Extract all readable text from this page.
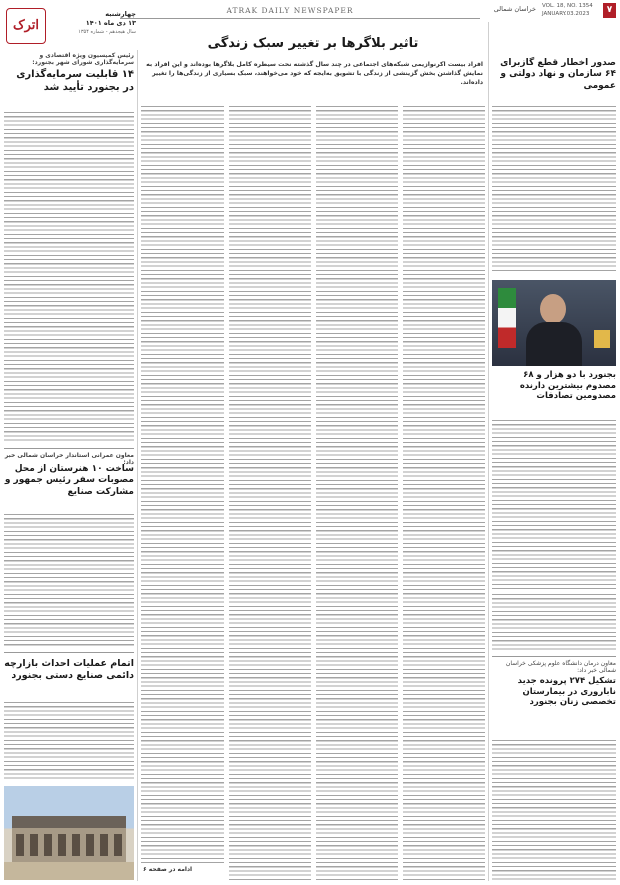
۷
VOL. 18, NO. 1354
JANUARY.03.2023
خراسان شمالی
ATRAK DAILY NEWSPAPER
اترک
چهارشنبه
۱۳ دی ماه ۱۴۰۱
سال هیجدهم - شماره ۱۳۵۴
صدور اخطار قطع گازبرای ۶۴ سازمان و نهاد دولتی و عمومی
بجنورد با دو هزار و ۶۸ مصدوم بیشترین دارنده مصدومین تصادفات
معاون درمان دانشگاه علوم پزشکی خراسان شمالی خبر داد:
تشکیل ۲۷۴ پرونده جدید ناباروری در بیمارستان تخصصی زنان بجنورد
تاثیر بلاگرها بر تغییر سبک زندگی
افراد بیست اکرنوازیمی شبکه‌های اجتماعی در چند سال گذشته نحت سیطره کامل بلاگرها بوده‌اند و این افراد به نمایش گذاشتن بخش گزینشی از زندگی با تشویق به‌ایجه که خود می‌خواهند، سبک بسیاری از زندگی‌ها را تغییر داده‌اند.
ادامه در صفحه ۶
رئیس کمیسیون ویژه اقتصادی و سرمایه‌گذاری شورای شهر بجنورد:
۱۴ قابلیت سرمایه‌گذاری در بجنورد تأیید شد
معاون عمرانی استاندار خراسان شمالی خبر داد:
ساخت ۱۰ هنرستان از محل مصوبات سفر رئیس جمهور و مشارکت صنایع
اتمام عملیات احداث بازارچه دائمی صنایع دستی بجنورد
